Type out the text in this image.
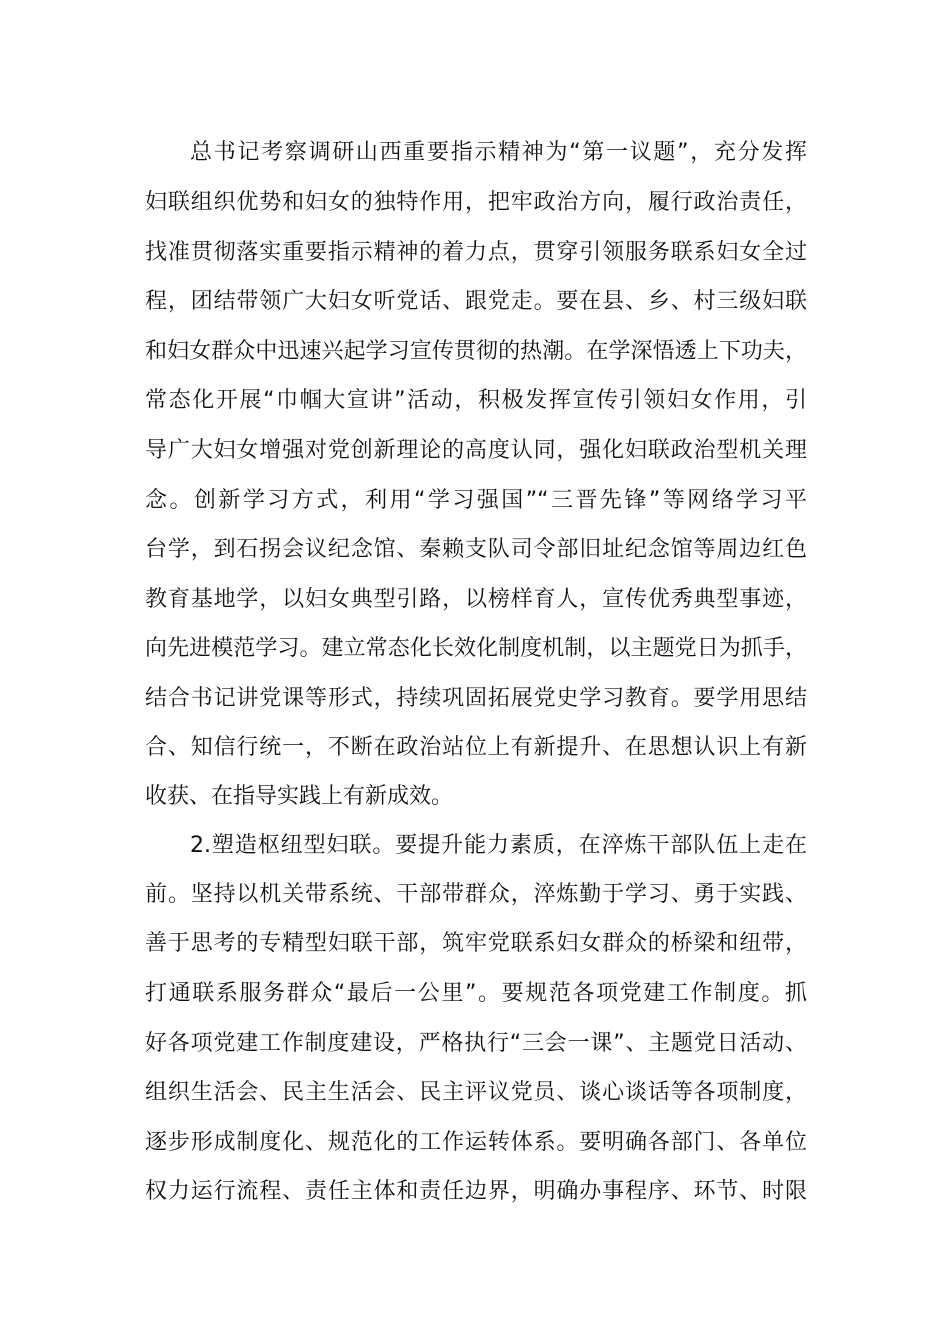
总书记考察调研山西重要指示精神为“第一议题”，充分发挥
妇联组织优势和妇女的独特作用，把牢政治方向，履行政治责任，
找准贯彻落实重要指示精神的着力点，贯穿引领服务联系妇女全过
程，团结带领广大妇女听党话、跟党走。要在县、乡、村三级妇联
和妇女群众中迅速兴起学习宣传贯彻的热潮。在学深悟透上下功夫，
常态化开展“巾帼大宣讲”活动，积极发挥宣传引领妇女作用，引
导广大妇女增强对党创新理论的高度认同，强化妇联政治型机关理
念。创新学习方式，利用“学习强国”“三晋先锋”等网络学习平
台学，到石拐会议纪念馆、秦赖支队司令部旧址纪念馆等周边红色
教育基地学，以妇女典型引路，以榜样育人，宣传优秀典型事迹，
向先进模范学习。建立常态化长效化制度机制，以主题党日为抓手，
结合书记讲党课等形式，持续巩固拓展党史学习教育。要学用思结
合、知信行统一，不断在政治站位上有新提升、在思想认识上有新
收获、在指导实践上有新成效。
2.塑造枢纽型妇联。要提升能力素质，在淬炼干部队伍上走在
前。坚持以机关带系统、干部带群众，淬炼勤于学习、勇于实践、
善于思考的专精型妇联干部，筑牢党联系妇女群众的桥梁和纽带，
打通联系服务群众“最后一公里”。要规范各项党建工作制度。抓
好各项党建工作制度建设，严格执行“三会一课”、主题党日活动、
组织生活会、民主生活会、民主评议党员、谈心谈话等各项制度，
逐步形成制度化、规范化的工作运转体系。要明确各部门、各单位
权力运行流程、责任主体和责任边界，明确办事程序、环节、时限
